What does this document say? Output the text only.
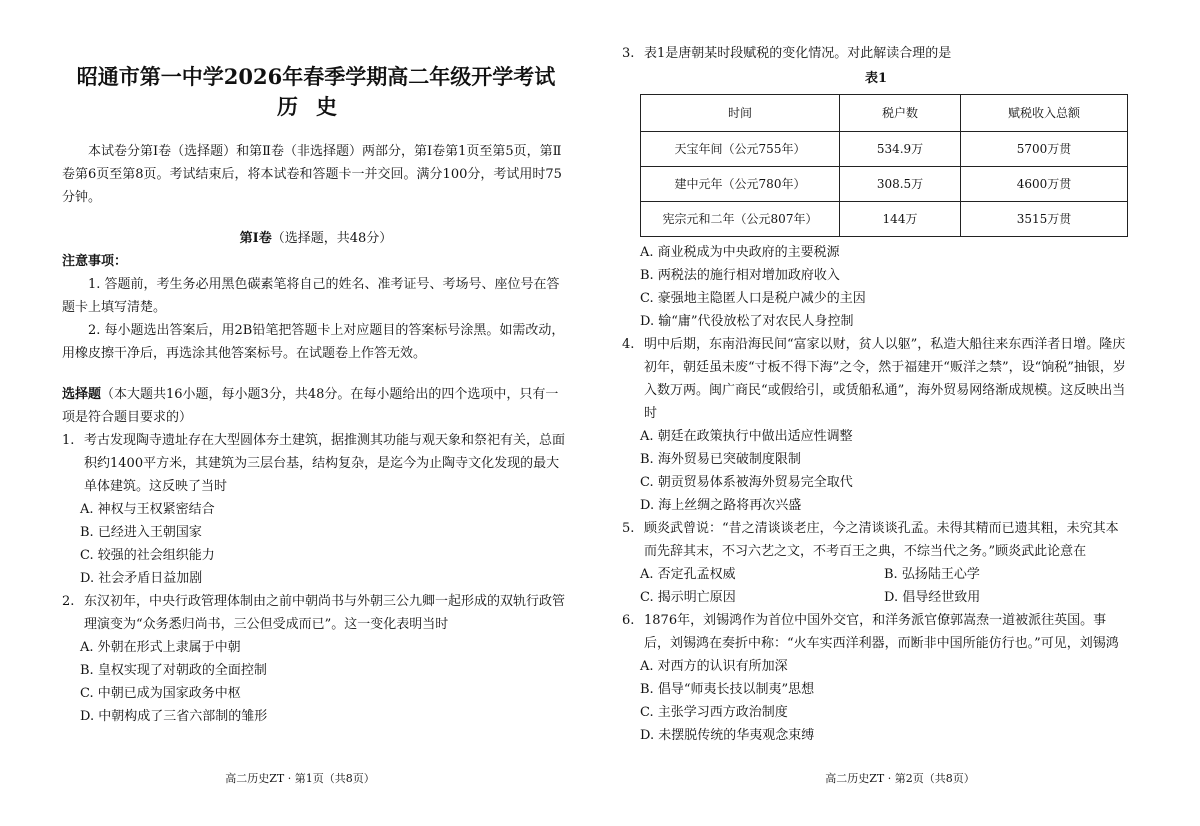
昭通市第一中学2026年春季学期高二年级开学考试

历史

本试卷分第Ⅰ卷（选择题）和第Ⅱ卷（非选择题）两部分，第Ⅰ卷第1页至第5页，第Ⅱ卷第6页至第8页。考试结束后，将本试卷和答题卡一并交回。满分100分，考试用时75分钟。

第Ⅰ卷（选择题，共48分）

注意事项：

1. 答题前，考生务必用黑色碳素笔将自己的姓名、准考证号、考场号、座位号在答题卡上填写清楚。

2. 每小题选出答案后，用2B铅笔把答题卡上对应题目的答案标号涂黑。如需改动，用橡皮擦干净后，再选涂其他答案标号。在试题卷上作答无效。

选择题（本大题共16小题，每小题3分，共48分。在每小题给出的四个选项中，只有一项是符合题目要求的）

1. 考古发现陶寺遗址存在大型圆体夯土建筑，据推测其功能与观天象和祭祀有关，总面积约1400平方米，其建筑为三层台基，结构复杂，是迄今为止陶寺文化发现的最大单体建筑。这反映了当时

A. 神权与王权紧密结合

B. 已经进入王朝国家

C. 较强的社会组织能力

D. 社会矛盾日益加剧

2. 东汉初年，中央行政管理体制由之前中朝尚书与外朝三公九卿一起形成的双轨行政管理演变为“众务悉归尚书，三公但受成而已”。这一变化表明当时

A. 外朝在形式上隶属于中朝

B. 皇权实现了对朝政的全面控制

C. 中朝已成为国家政务中枢

D. 中朝构成了三省六部制的雏形

高二历史ZT · 第1页（共8页）
3. 表1是唐朝某时段赋税的变化情况。对此解读合理的是

表1

时间	税户数	赋税收入总额
天宝年间（公元755年）	534.9万	5700万贯
建中元年（公元780年）	308.5万	4600万贯
宪宗元和二年（公元807年）	144万	3515万贯

A. 商业税成为中央政府的主要税源

B. 两税法的施行相对增加政府收入

C. 豪强地主隐匿人口是税户减少的主因

D. 输“庸”代役放松了对农民人身控制

4. 明中后期，东南沿海民间“富家以财，贫人以躯”，私造大船往来东西洋者日增。隆庆初年，朝廷虽未废“寸板不得下海”之令，然于福建开“贩洋之禁”，设“饷税”抽银，岁入数万两。闽广商民“或假给引，或赁船私通”，海外贸易网络渐成规模。这反映出当时

A. 朝廷在政策执行中做出适应性调整

B. 海外贸易已突破制度限制

C. 朝贡贸易体系被海外贸易完全取代

D. 海上丝绸之路将再次兴盛

5. 顾炎武曾说：“昔之清谈谈老庄，今之清谈谈孔孟。未得其精而已遗其粗，未究其本而先辞其末，不习六艺之文，不考百王之典，不综当代之务。”顾炎武此论意在
A. 否定孔孟权威	B. 弘扬陆王心学
C. 揭示明亡原因	D. 倡导经世致用
6. 1876年，刘锡鸿作为首位中国外交官，和洋务派官僚郭嵩焘一道被派往英国。事后，刘锡鸿在奏折中称：“火车实西洋利器，而断非中国所能仿行也。”可见，刘锡鸿

A. 对西方的认识有所加深

B. 倡导“师夷长技以制夷”思想

C. 主张学习西方政治制度

D. 未摆脱传统的华夷观念束缚

高二历史ZT · 第2页（共8页）
